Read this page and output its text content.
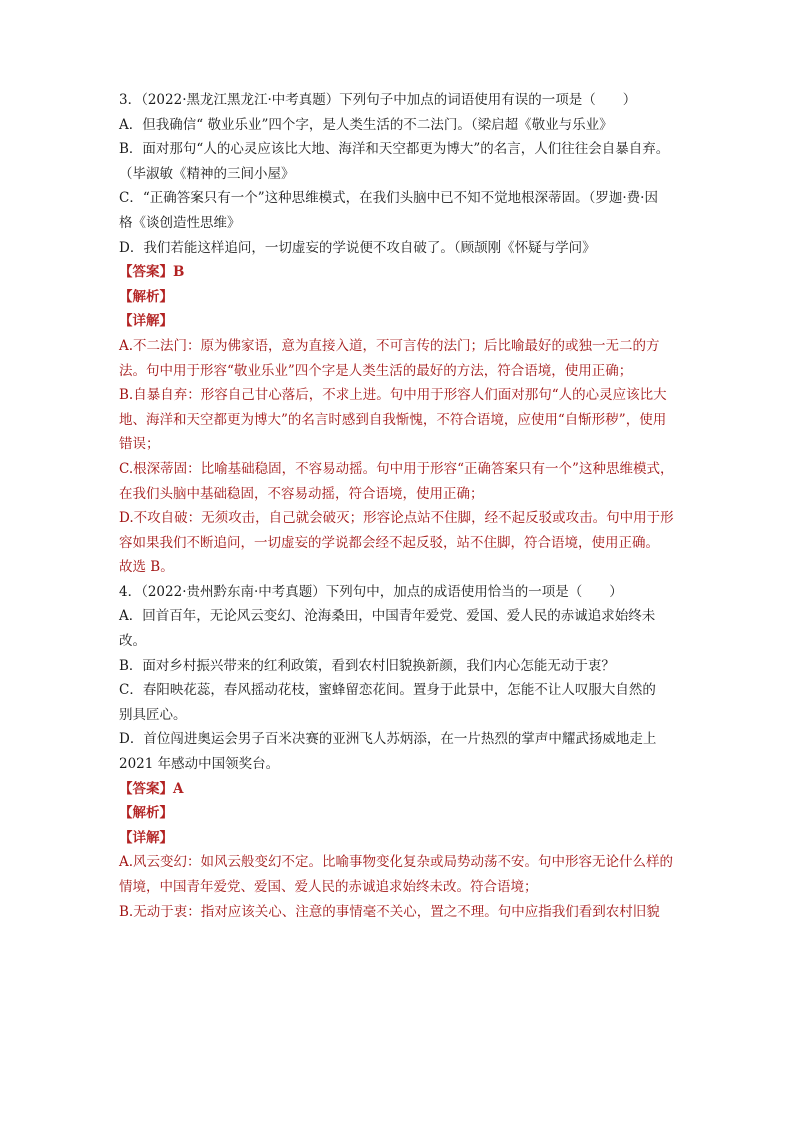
3．（2022·黑龙江黑龙江·中考真题）下列句子中加点的词语使用有误的一项是（　　）
A．但我确信“ 敬业乐业”四个字，是人类生活的不二法门。（梁启超《敬业与乐业》
B．面对那句“人的心灵应该比大地、海洋和天空都更为博大”的名言，人们往往会自暴自弃。
（毕淑敏《精神的三间小屋》
C．“正确答案只有一个”这种思维模式，在我们头脑中已不知不觉地根深蒂固。（罗迦·费·因
格《谈创造性思维》
D．我们若能这样追问，一切虚妄的学说便不攻自破了。（顾颉刚《怀疑与学问》
【答案】B
【解析】
【详解】
A.不二法门：原为佛家语，意为直接入道，不可言传的法门；后比喻最好的或独一无二的方法。句中用于形容“敬业乐业”四个字是人类生活的最好的方法，符合语境，使用正确；
B.自暴自弃：形容自己甘心落后，不求上进。句中用于形容人们面对那句“人的心灵应该比大地、海洋和天空都更为博大”的名言时感到自我惭愧，不符合语境，应使用“自惭形秽”，使用错误；
C.根深蒂固：比喻基础稳固，不容易动摇。句中用于形容“正确答案只有一个”这种思维模式，在我们头脑中基础稳固，不容易动摇，符合语境，使用正确；
D.不攻自破：无须攻击，自己就会破灭；形容论点站不住脚，经不起反驳或攻击。句中用于形容如果我们不断追问，一切虚妄的学说都会经不起反驳，站不住脚，符合语境，使用正确。
故选 B。
4．（2022·贵州黔东南·中考真题）下列句中，加点的成语使用恰当的一项是（　　）
A．回首百年，无论风云变幻、沧海桑田，中国青年爱党、爱国、爱人民的赤诚追求始终未
改。
B．面对乡村振兴带来的红利政策，看到农村旧貌换新颜，我们内心怎能无动于衷？
C．春阳映花蕊，春风摇动花枝，蜜蜂留恋花间。置身于此景中，怎能不让人叹服大自然的
别具匠心。
D．首位闯进奥运会男子百米决赛的亚洲飞人苏炳添，在一片热烈的掌声中耀武扬威地走上
2021 年感动中国领奖台。
【答案】A
【解析】
【详解】
A.风云变幻：如风云般变幻不定。比喻事物变化复杂或局势动荡不安。句中形容无论什么样的情境，中国青年爱党、爱国、爱人民的赤诚追求始终未改。符合语境；
B.无动于衷：指对应该关心、注意的事情毫不关心，置之不理。句中应指我们看到农村旧貌
